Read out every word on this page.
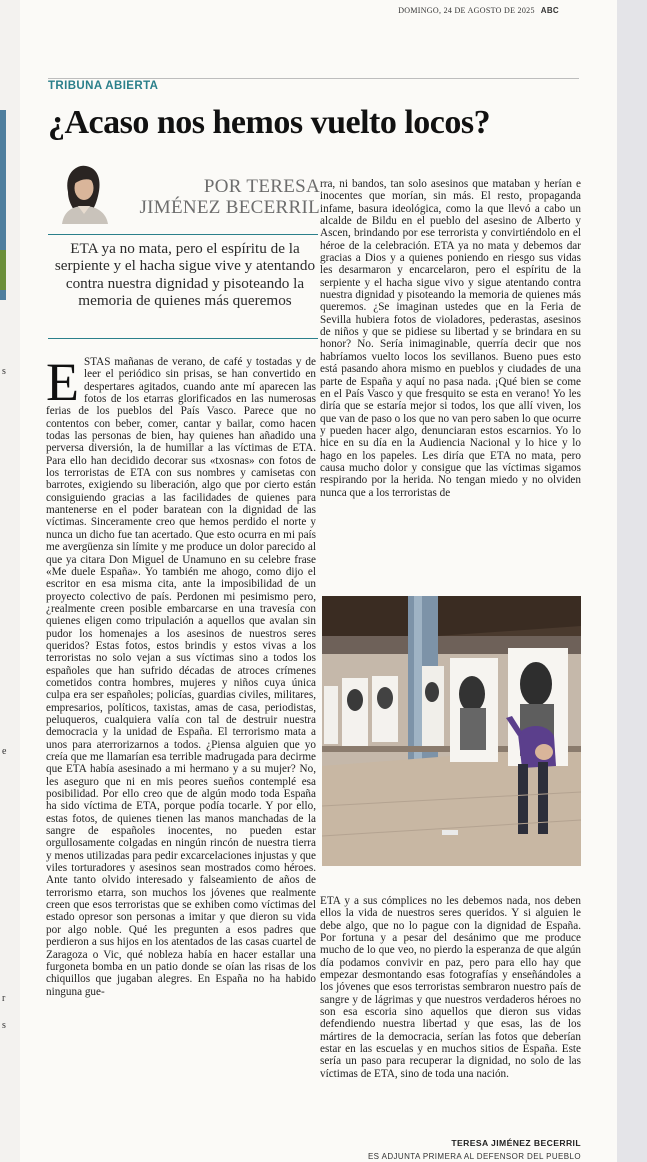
s
e
r
s
DOMINGO, 24 DE AGOSTO DE 2025 ABC
TRIBUNA ABIERTA
¿Acaso nos hemos vuelto locos?
POR TERESA
JIMÉNEZ BECERRIL

ETA ya no mata, pero el espíritu de la serpiente y el hacha sigue vive y atentando contra nuestra dignidad y pisoteando la memoria de quienes más queremos

ESTAS mañanas de verano, de café y tostadas y de leer el periódico sin prisas, se han convertido en despertares agitados, cuando ante mí aparecen las fotos de los etarras glorificados en las numerosas ferias de los pueblos del País Vasco. Parece que no contentos con beber, comer, cantar y bailar, como hacen todas las personas de bien, hay quienes han añadido una perversa diversión, la de humillar a las víctimas de ETA. Para ello han decidido decorar sus «txosnas» con fotos de los terroristas de ETA con sus nombres y camisetas con barrotes, exigiendo su liberación, algo que por cierto están consiguiendo gracias a las facilidades de quienes para mantenerse en el poder baratean con la dignidad de las víctimas. Sinceramente creo que hemos perdido el norte y nunca un dicho fue tan acertado. Que esto ocurra en mi país me avergüenza sin límite y me produce un dolor parecido al que ya citara Don Miguel de Unamuno en su celebre frase «Me duele España». Yo también me ahogo, como dijo el escritor en esa misma cita, ante la imposibilidad de un proyecto colectivo de país. Perdonen mi pesimismo pero, ¿realmente creen posible embarcarse en una travesía con quienes eligen como tripulación a aquellos que avalan sin pudor los homenajes a los asesinos de nuestros seres queridos? Estas fotos, estos brindis y estos vivas a los terroristas no solo vejan a sus víctimas sino a todos los españoles que han sufrido décadas de atroces crímenes cometidos contra hombres, mujeres y niños cuya única culpa era ser españoles; policías, guardias civiles, militares, empresarios, políticos, taxistas, amas de casa, periodistas, peluqueros, cualquiera valía con tal de destruir nuestra democracia y la unidad de España. El terrorismo mata a unos para aterrorizarnos a todos. ¿Piensa alguien que yo creía que me llamarían esa terrible madrugada para decirme que ETA había asesinado a mi hermano y a su mujer? No, les aseguro que ni en mis peores sueños contemplé esa posibilidad. Por ello creo que de algún modo toda España ha sido víctima de ETA, porque podía tocarle. Y por ello, estas fotos, de quienes tienen las manos manchadas de la sangre de españoles inocentes, no pueden estar orgullosamente colgadas en ningún rincón de nuestra tierra y menos utilizadas para pedir excarcelaciones injustas y que viles torturadores y asesinos sean mostrados como héroes. Ante tanto olvido interesado y falseamiento de años de terrorismo etarra, son muchos los jóvenes que realmente creen que esos terroristas que se exhiben como víctimas del estado opresor son personas a imitar y que dieron su vida por algo noble. Qué les pregunten a esos padres que perdieron a sus hijos en los atentados de las casas cuartel de Zaragoza o Vic, qué nobleza había en hacer estallar una furgoneta bomba en un patio donde se oían las risas de los chiquillos que jugaban alegres. En España no ha habido ninguna gue-
rra, ni bandos, tan solo asesinos que mataban y herían e inocentes que morían, sin más. El resto, propaganda infame, basura ideológica, como la que llevó a cabo un alcalde de Bildu en el pueblo del asesino de Alberto y Ascen, brindando por ese terrorista y convirtiéndolo en el héroe de la celebración. ETA ya no mata y debemos dar gracias a Dios y a quienes poniendo en riesgo sus vidas les desarmaron y encarcelaron, pero el espíritu de la serpiente y el hacha sigue vivo y sigue atentando contra nuestra dignidad y pisoteando la memoria de quienes más queremos. ¿Se imaginan ustedes que en la Feria de Sevilla hubiera fotos de violadores, pederastas, asesinos de niños y que se pidiese su libertad y se brindara en su honor? No. Sería inimaginable, querría decir que nos habríamos vuelto locos los sevillanos. Bueno pues esto está pasando ahora mismo en pueblos y ciudades de una parte de España y aquí no pasa nada. ¡Qué bien se come en el País Vasco y que fresquito se esta en verano! Yo les diría que se estaría mejor si todos, los que allí viven, los que van de paso o los que no van pero saben lo que ocurre y pueden hacer algo, denunciaran estos escarnios. Yo lo hice en su día en la Audiencia Nacional y lo hice y lo hago en los papeles. Les diría que ETA no mata, pero causa mucho dolor y consigue que las víctimas sigamos respirando por la herida. No tengan miedo y no olviden nunca que a los terroristas de
ETA y a sus cómplices no les debemos nada, nos deben ellos la vida de nuestros seres queridos. Y si alguien le debe algo, que no lo pague con la dignidad de España. Por fortuna y a pesar del desánimo que me produce mucho de lo que veo, no pierdo la esperanza de que algún día podamos convivir en paz, pero para ello hay que empezar desmontando esas fotografías y enseñándoles a los jóvenes que esos terroristas sembraron nuestro país de sangre y de lágrimas y que nuestros verdaderos héroes no son esa escoria sino aquellos que dieron sus vidas defendiendo nuestra libertad y que esas, las de los mártires de la democracia, serían las fotos que deberían estar en las escuelas y en muchos sitios de España. Este sería un paso para recuperar la dignidad, no solo de las víctimas de ETA, sino de toda una nación.
TERESA JIMÉNEZ BECERRIL
ES ADJUNTA PRIMERA AL DEFENSOR DEL PUEBLO
